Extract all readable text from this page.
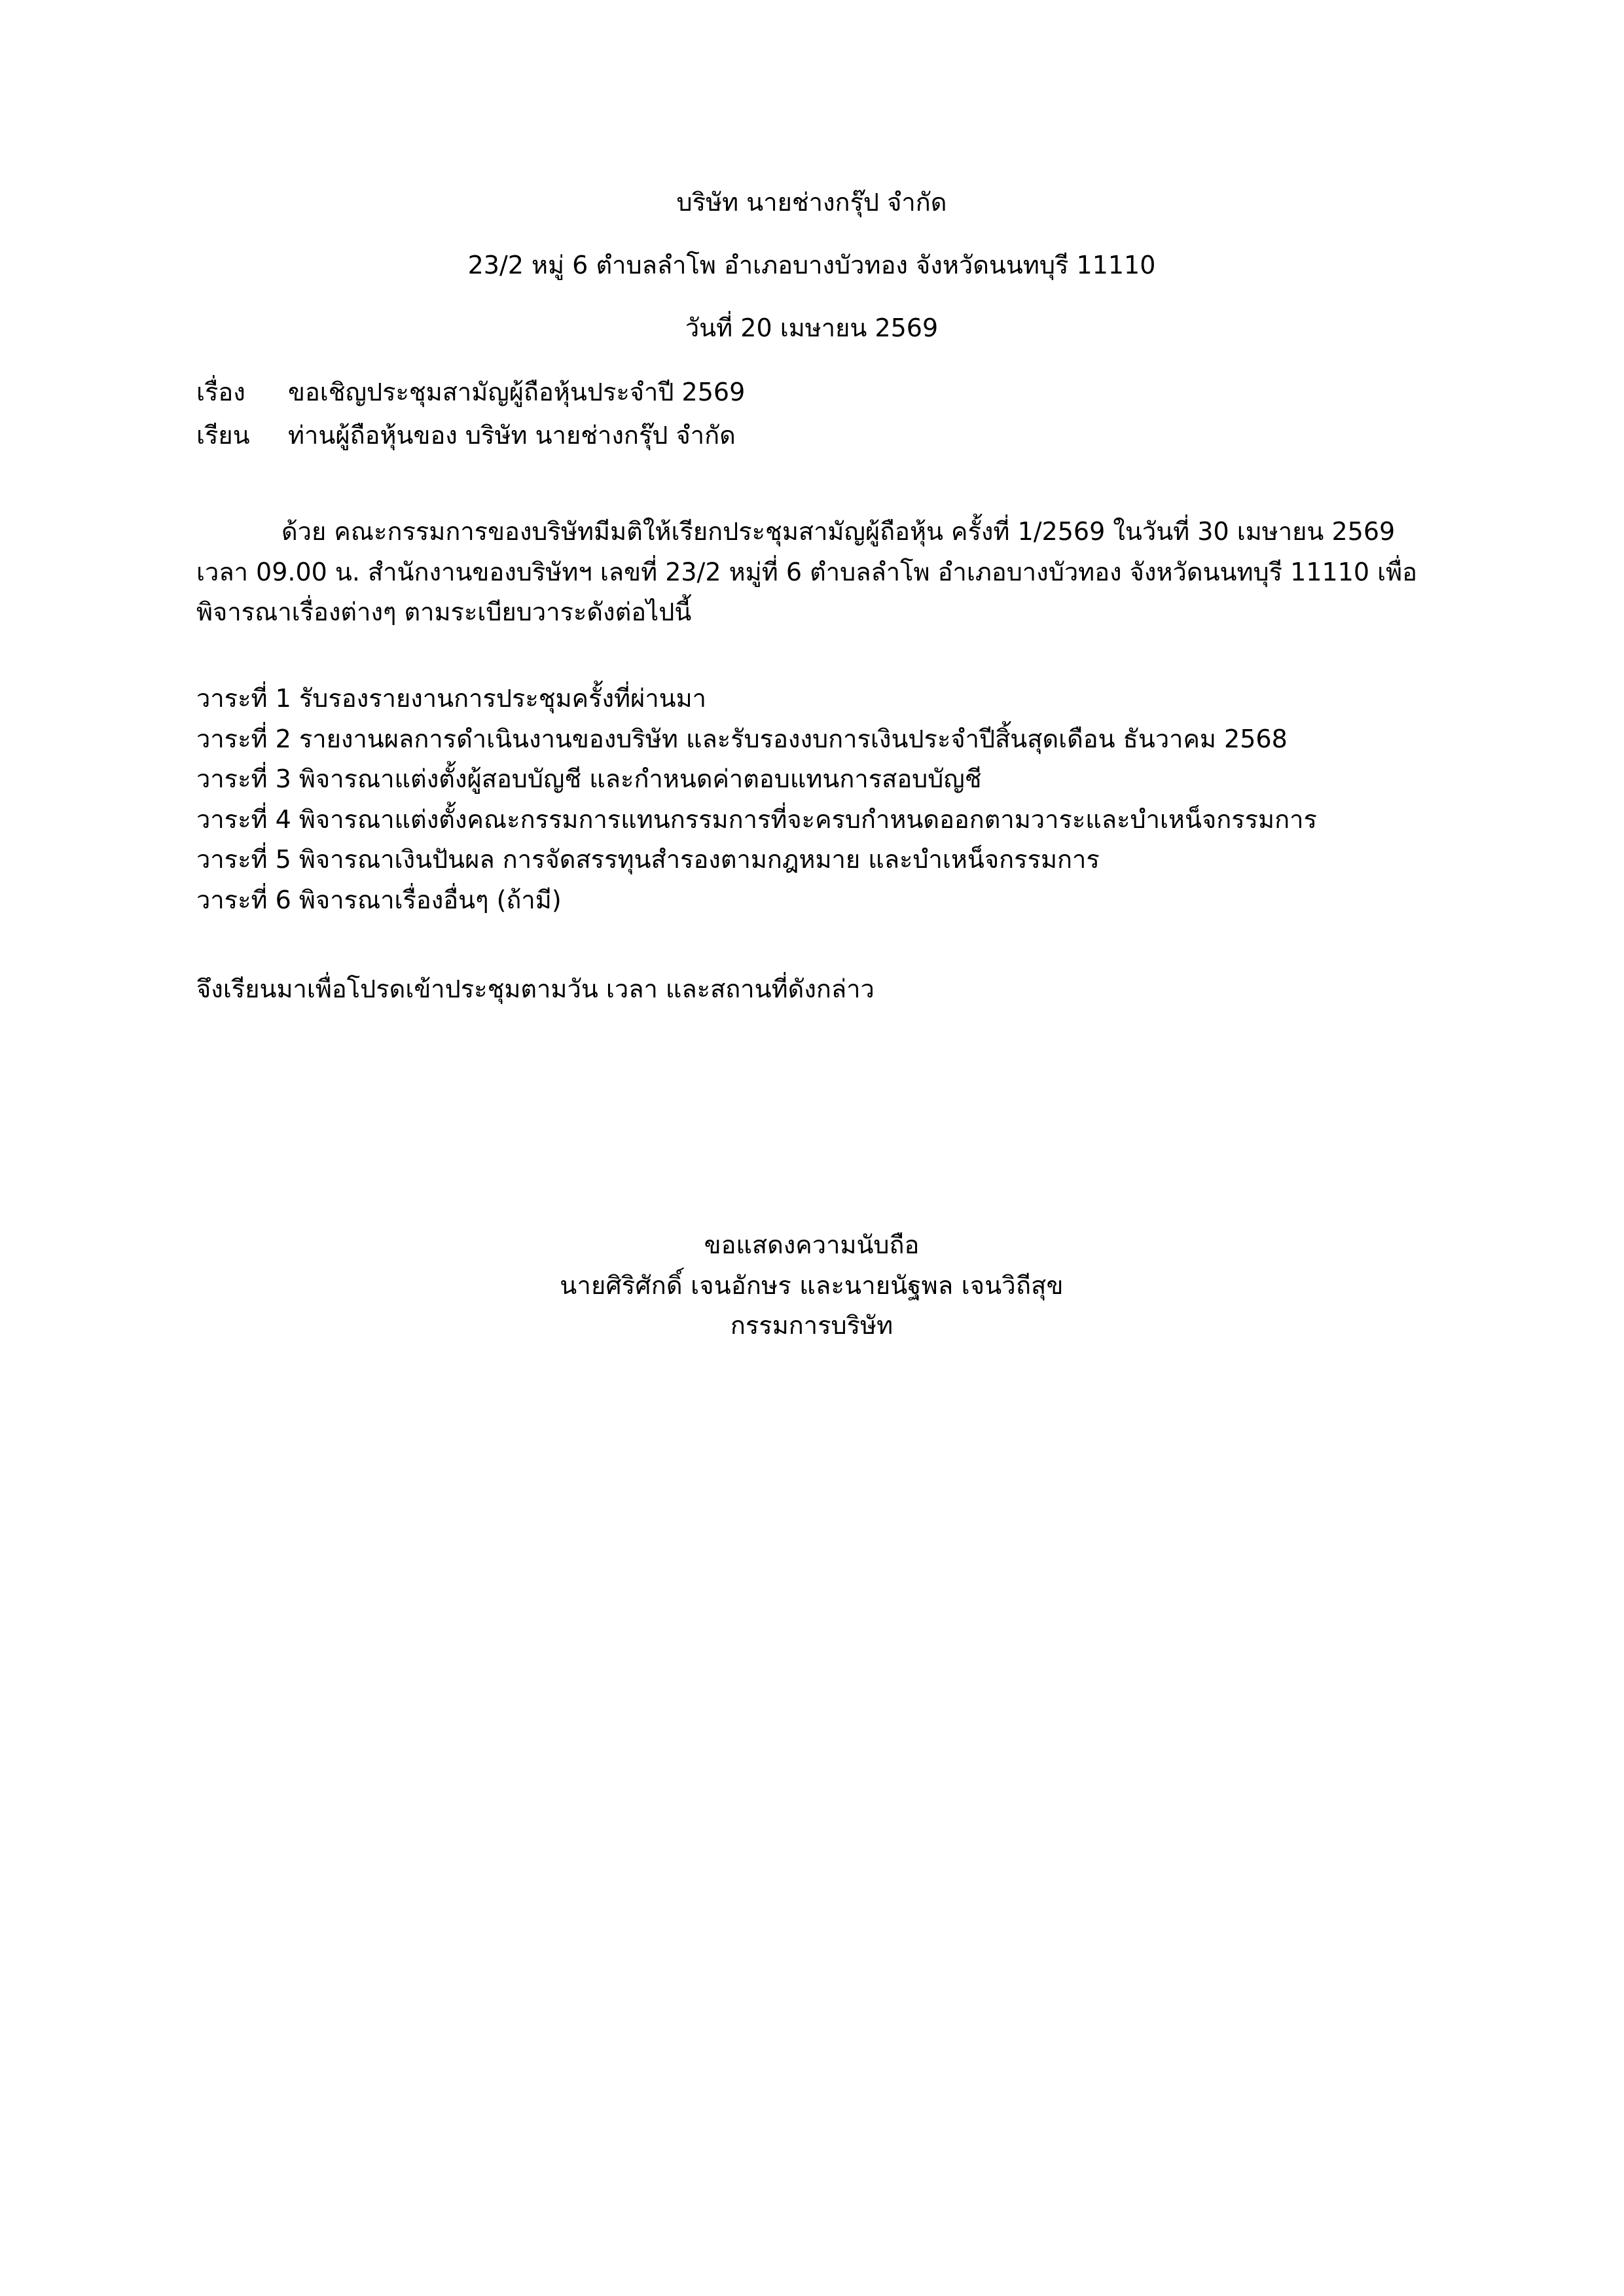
บริษัท นายช่างกรุ๊ป จำกัด
23/2 หมู่ 6 ตำบลลำโพ อำเภอบางบัวทอง จังหวัดนนทบุรี 11110
วันที่ 20 เมษายน 2569
เรื่อง	ขอเชิญประชุมสามัญผู้ถือหุ้นประจำปี 2569
เรียน	ท่านผู้ถือหุ้นของ บริษัท นายช่างกรุ๊ป จำกัด
ด้วย คณะกรรมการของบริษัทมีมติให้เรียกประชุมสามัญผู้ถือหุ้น ครั้งที่ 1/2569 ในวันที่ 30 เมษายน 2569 เวลา 09.00 น. สำนักงานของบริษัทฯ เลขที่ 23/2 หมู่ที่ 6 ตำบลลำโพ อำเภอบางบัวทอง จังหวัดนนทบุรี 11110 เพื่อพิจารณาเรื่องต่างๆ ตามระเบียบวาระดังต่อไปนี้
วาระที่ 1 รับรองรายงานการประชุมครั้งที่ผ่านมา
วาระที่ 2 รายงานผลการดำเนินงานของบริษัท และรับรองงบการเงินประจำปีสิ้นสุดเดือน ธันวาคม 2568
วาระที่ 3 พิจารณาแต่งตั้งผู้สอบบัญชี และกำหนดค่าตอบแทนการสอบบัญชี
วาระที่ 4 พิจารณาแต่งตั้งคณะกรรมการแทนกรรมการที่จะครบกำหนดออกตามวาระและบำเหน็จกรรมการ
วาระที่ 5 พิจารณาเงินปันผล การจัดสรรทุนสำรองตามกฎหมาย และบำเหน็จกรรมการ
วาระที่ 6 พิจารณาเรื่องอื่นๆ (ถ้ามี)
จึงเรียนมาเพื่อโปรดเข้าประชุมตามวัน เวลา และสถานที่ดังกล่าว
ขอแสดงความนับถือ
นายศิริศักดิ์ เจนอักษร และนายนัฐพล เจนวิถีสุข
กรรมการบริษัท
